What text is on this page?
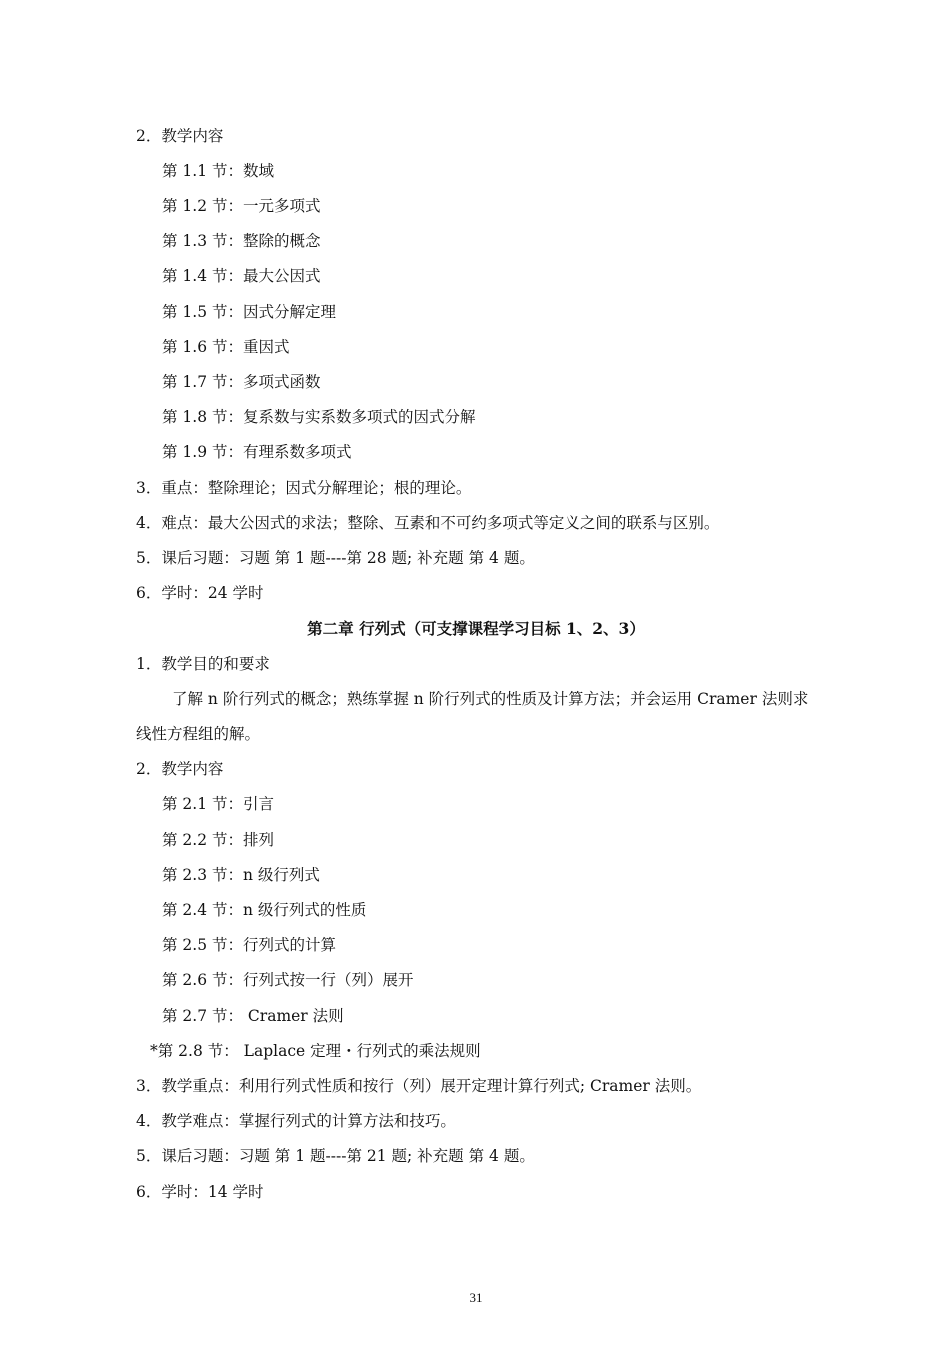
2．教学内容
第 1.1 节：数域
第 1.2 节：一元多项式
第 1.3 节：整除的概念
第 1.4 节：最大公因式
第 1.5 节：因式分解定理
第 1.6 节：重因式
第 1.7 节：多项式函数
第 1.8 节：复系数与实系数多项式的因式分解
第 1.9 节：有理系数多项式
3．重点：整除理论；因式分解理论；根的理论。
4．难点：最大公因式的求法；整除、互素和不可约多项式等定义之间的联系与区别。
5．课后习题：习题 第 1 题----第 28 题; 补充题 第 4 题。
6．学时：24 学时
第二章 行列式（可支撑课程学习目标 1、2、3）
1．教学目的和要求
了解 n 阶行列式的概念；熟练掌握 n 阶行列式的性质及计算方法；并会运用 Cramer 法则求
线性方程组的解。
2．教学内容
第 2.1 节：引言
第 2.2 节：排列
第 2.3 节：n 级行列式
第 2.4 节：n 级行列式的性质
第 2.5 节：行列式的计算
第 2.6 节：行列式按一行（列）展开
第 2.7 节： Cramer 法则
*第 2.8 节： Laplace 定理・行列式的乘法规则
3．教学重点：利用行列式性质和按行（列）展开定理计算行列式; Cramer 法则。
4．教学难点：掌握行列式的计算方法和技巧。
5．课后习题：习题 第 1 题----第 21 题; 补充题 第 4 题。
6．学时：14 学时
31
